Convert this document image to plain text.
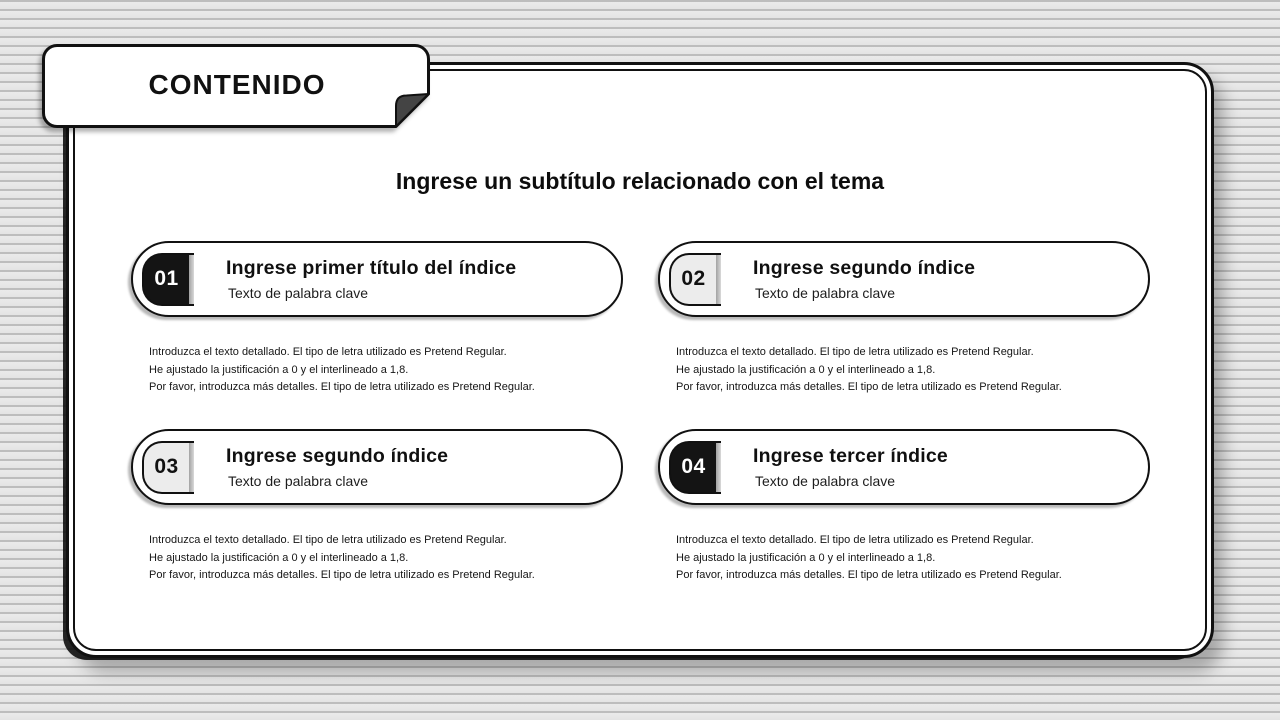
CONTENIDO
Ingrese un subtítulo relacionado con el tema
01	Ingrese primer título del índice
Texto de palabra clave
Introduzca el texto detallado. El tipo de letra utilizado es Pretend Regular.
He ajustado la justificación a 0 y el interlineado a 1,8.
Por favor, introduzca más detalles. El tipo de letra utilizado es Pretend Regular.
02	Ingrese segundo índice
Texto de palabra clave
Introduzca el texto detallado. El tipo de letra utilizado es Pretend Regular.
He ajustado la justificación a 0 y el interlineado a 1,8.
Por favor, introduzca más detalles. El tipo de letra utilizado es Pretend Regular.
03	Ingrese segundo índice
Texto de palabra clave
Introduzca el texto detallado. El tipo de letra utilizado es Pretend Regular.
He ajustado la justificación a 0 y el interlineado a 1,8.
Por favor, introduzca más detalles. El tipo de letra utilizado es Pretend Regular.
04	Ingrese tercer índice
Texto de palabra clave
Introduzca el texto detallado. El tipo de letra utilizado es Pretend Regular.
He ajustado la justificación a 0 y el interlineado a 1,8.
Por favor, introduzca más detalles. El tipo de letra utilizado es Pretend Regular.
